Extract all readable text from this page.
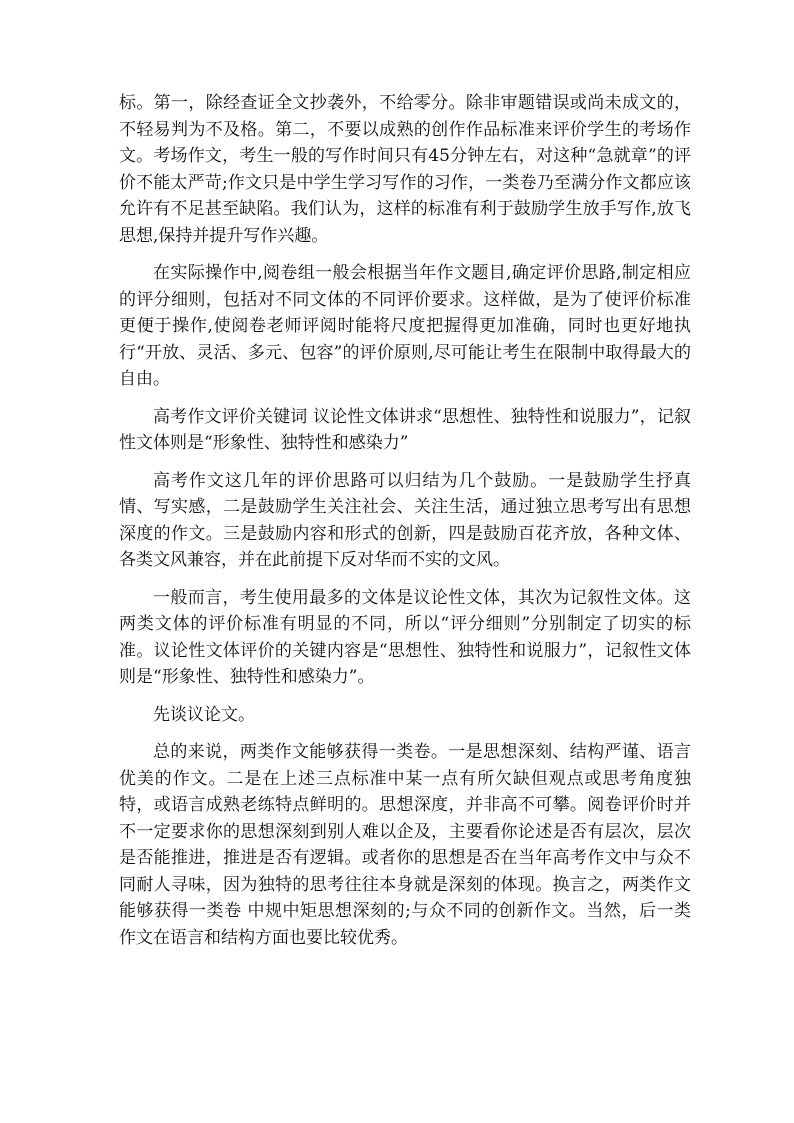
标。第一，除经查证全文抄袭外，不给零分。除非审题错误或尚未成文的，不轻易判为不及格。第二，不要以成熟的创作作品标准来评价学生的考场作文。考场作文，考生一般的写作时间只有45分钟左右，对这种“急就章”的评价不能太严苛;作文只是中学生学习写作的习作，一类卷乃至满分作文都应该允许有不足甚至缺陷。我们认为，这样的标准有利于鼓励学生放手写作,放飞思想,保持并提升写作兴趣。

在实际操作中,阅卷组一般会根据当年作文题目,确定评价思路,制定相应的评分细则，包括对不同文体的不同评价要求。这样做，是为了使评价标准更便于操作,使阅卷老师评阅时能将尺度把握得更加准确，同时也更好地执行“开放、灵活、多元、包容”的评价原则,尽可能让考生在限制中取得最大的自由。

高考作文评价关键词 议论性文体讲求“思想性、独特性和说服力”，记叙性文体则是“形象性、独特性和感染力”

高考作文这几年的评价思路可以归结为几个鼓励。一是鼓励学生抒真情、写实感，二是鼓励学生关注社会、关注生活，通过独立思考写出有思想深度的作文。三是鼓励内容和形式的创新，四是鼓励百花齐放，各种文体、各类文风兼容，并在此前提下反对华而不实的文风。

一般而言，考生使用最多的文体是议论性文体，其次为记叙性文体。这两类文体的评价标准有明显的不同，所以“评分细则”分别制定了切实的标准。议论性文体评价的关键内容是“思想性、独特性和说服力”，记叙性文体则是“形象性、独特性和感染力”。

先谈议论文。

总的来说，两类作文能够获得一类卷。一是思想深刻、结构严谨、语言优美的作文。二是在上述三点标准中某一点有所欠缺但观点或思考角度独特，或语言成熟老练特点鲜明的。思想深度，并非高不可攀。阅卷评价时并不一定要求你的思想深刻到别人难以企及，主要看你论述是否有层次，层次是否能推进，推进是否有逻辑。或者你的思想是否在当年高考作文中与众不同耐人寻味，因为独特的思考往往本身就是深刻的体现。换言之，两类作文能够获得一类卷 中规中矩思想深刻的;与众不同的创新作文。当然，后一类作文在语言和结构方面也要比较优秀。
